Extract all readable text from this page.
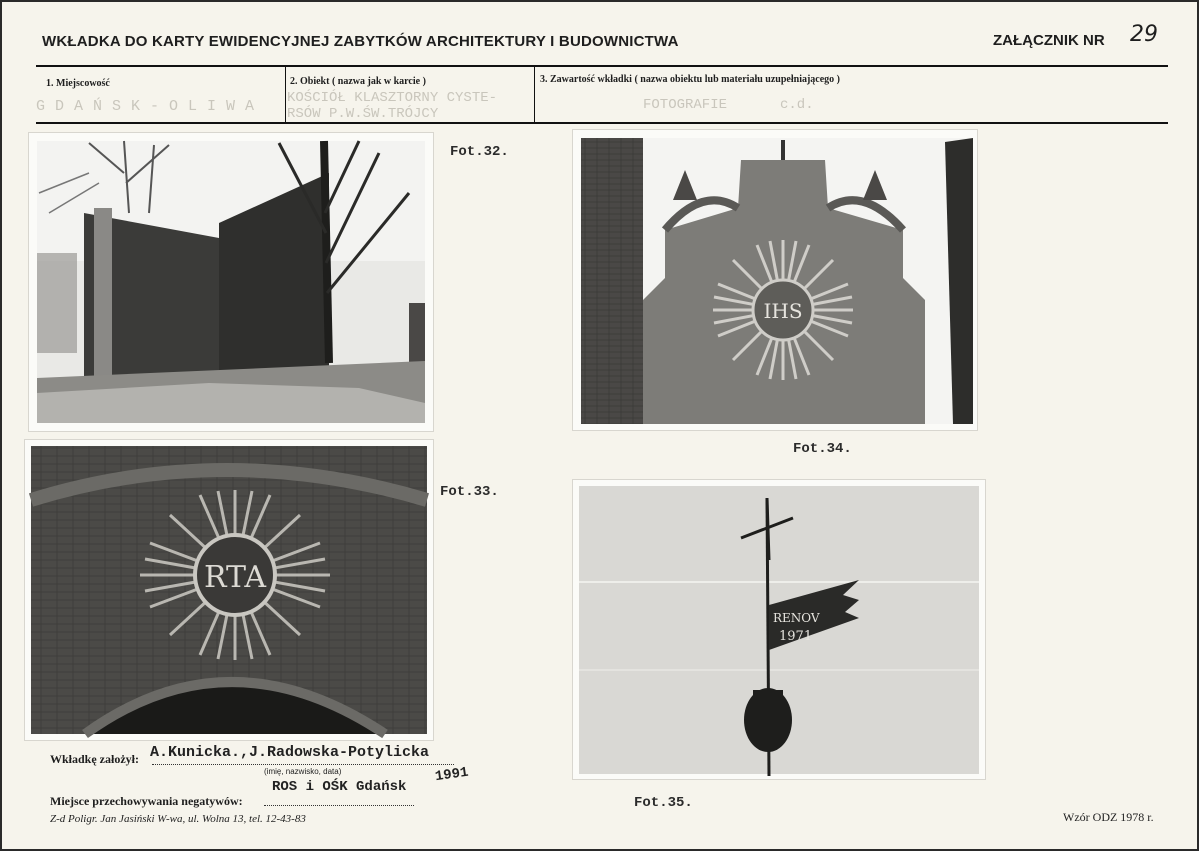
WKŁADKA DO KARTY EWIDENCYJNEJ ZABYTKÓW ARCHITEKTURY I BUDOWNICTWA	ZAŁĄCZNIK NR 29
1. Miejscowość
GDAŃSK-OLIWA
2. Obiekt ( nazwa jak w karcie )
KOŚCIÓŁ KLASZTORNY CYSTE-
RSÓW P.W.ŚW.TRÓJCY
3. Zawartość wkładki ( nazwa obiektu lub materiału uzupełniającego )
FOTOGRAFIE	c.d.
Fot.32.
IHS
Fot.34.
RTA
Fot.33.
RENOV
1971
Fot.35.
Wkładkę założył: A.Kunicka.,J.Radowska-Potylicka
(imię, nazwisko, data)	1991
Miejsce przechowywania negatywów:
ROS i OŚK Gdańsk
Z-d Poligr. Jan Jasiński W-wa, ul. Wolna 13, tel. 12-43-83	Wzór ODZ 1978 r.
